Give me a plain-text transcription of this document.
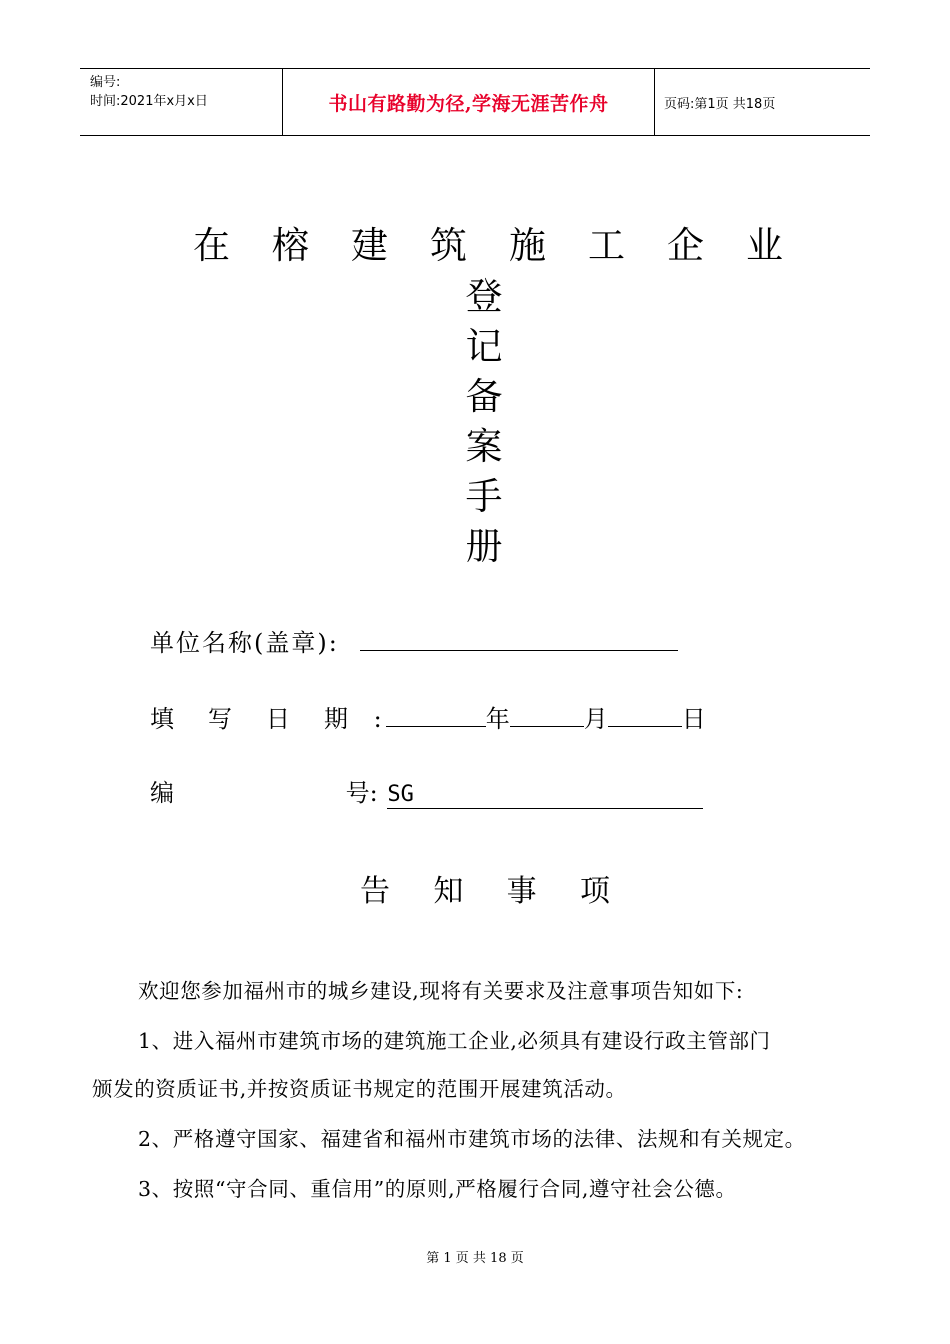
编号:
时间:2021年x月x日	书山有路勤为径,学海无涯苦作舟	页码:第1页 共18页
在 榕 建 筑 施 工 企 业
登
记
备
案
手
册
单位名称(盖章):
填 写 日 期 :	年	月	日
编	号: SG
告 知 事 项
欢迎您参加福州市的城乡建设,现将有关要求及注意事项告知如下:
1、进入福州市建筑市场的建筑施工企业,必须具有建设行政主管部门
颁发的资质证书,并按资质证书规定的范围开展建筑活动。
2、严格遵守国家、福建省和福州市建筑市场的法律、法规和有关规定。
3、按照“守合同、重信用”的原则,严格履行合同,遵守社会公德。
第 1 页 共 18 页
